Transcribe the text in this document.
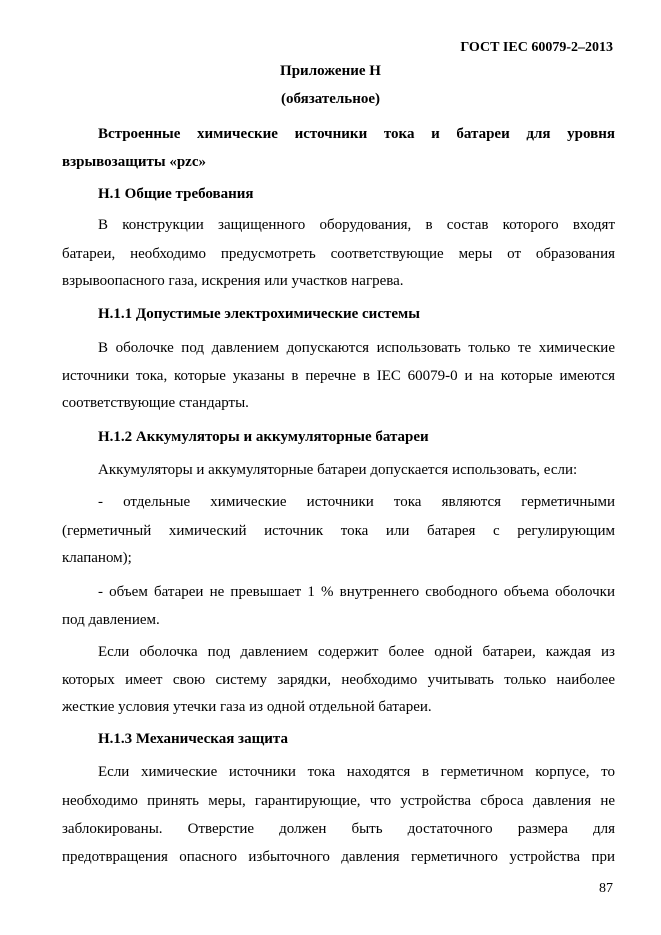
ГОСТ IEC 60079-2–2013
Приложение H
(обязательное)
Встроенные химические источники тока и батареи для уровня
взрывозащиты «pzc»
Н.1 Общие требования
В конструкции защищенного оборудования, в состав которого входят
батареи, необходимо предусмотреть соответствующие меры от образования
взрывоопасного газа, искрения или участков нагрева.
Н.1.1 Допустимые электрохимические системы
В оболочке под давлением допускаются использовать только те химические
источники тока, которые указаны в перечне в IEC 60079-0 и на которые имеются
соответствующие стандарты.
Н.1.2 Аккумуляторы и аккумуляторные батареи
Аккумуляторы и аккумуляторные батареи допускается использовать, если:
- отдельные химические источники тока являются герметичными
(герметичный химический источник тока или батарея с регулирующим
клапаном);
- объем батареи не превышает 1 % внутреннего свободного объема оболочки
под давлением.
Если оболочка под давлением содержит более одной батареи, каждая из
которых имеет свою систему зарядки, необходимо учитывать только наиболее
жесткие условия утечки газа из одной отдельной батареи.
Н.1.3 Механическая защита
Если химические источники тока находятся в герметичном корпусе, то
необходимо принять меры, гарантирующие, что устройства сброса давления не
заблокированы. Отверстие должен быть достаточного размера для
предотвращения опасного избыточного давления герметичного устройства при
87
